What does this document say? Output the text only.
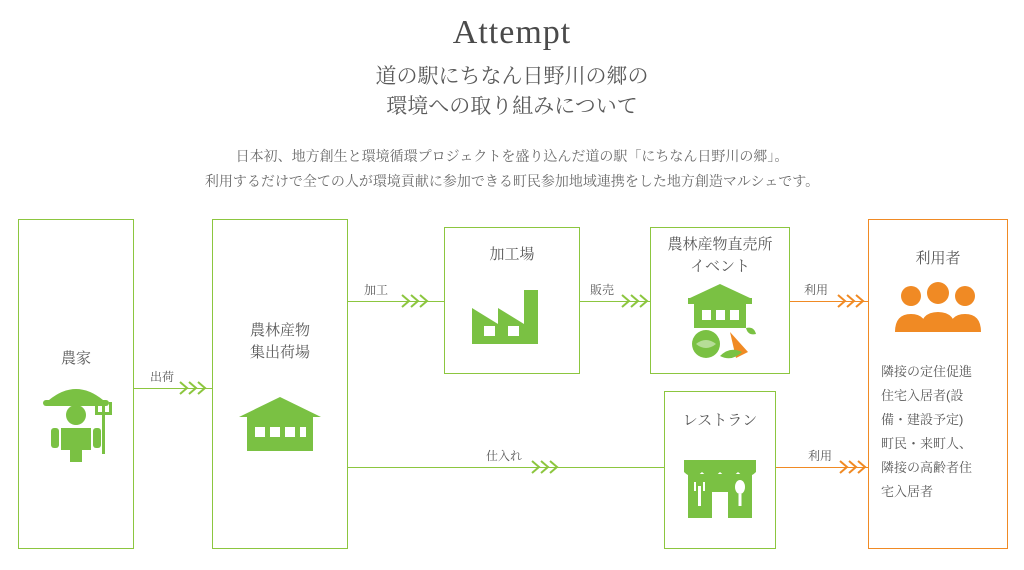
Attempt
道の駅にちなん日野川の郷の
環境への取り組みについて
日本初、地方創生と環境循環プロジェクトを盛り込んだ道の駅「にちなん日野川の郷」。
利用するだけで全ての人が環境貢献に参加できる町民参加地域連携をした地方創造マルシェです。
出荷
加工	販売	利用
仕入れ	利用
農家
農林産物
集出荷場
加工場
農林産物直売所
イベント
レストラン
利用者
隣接の定住促進
住宅入居者(設
備・建設予定)
町民・来町人、
隣接の高齢者住
宅入居者
